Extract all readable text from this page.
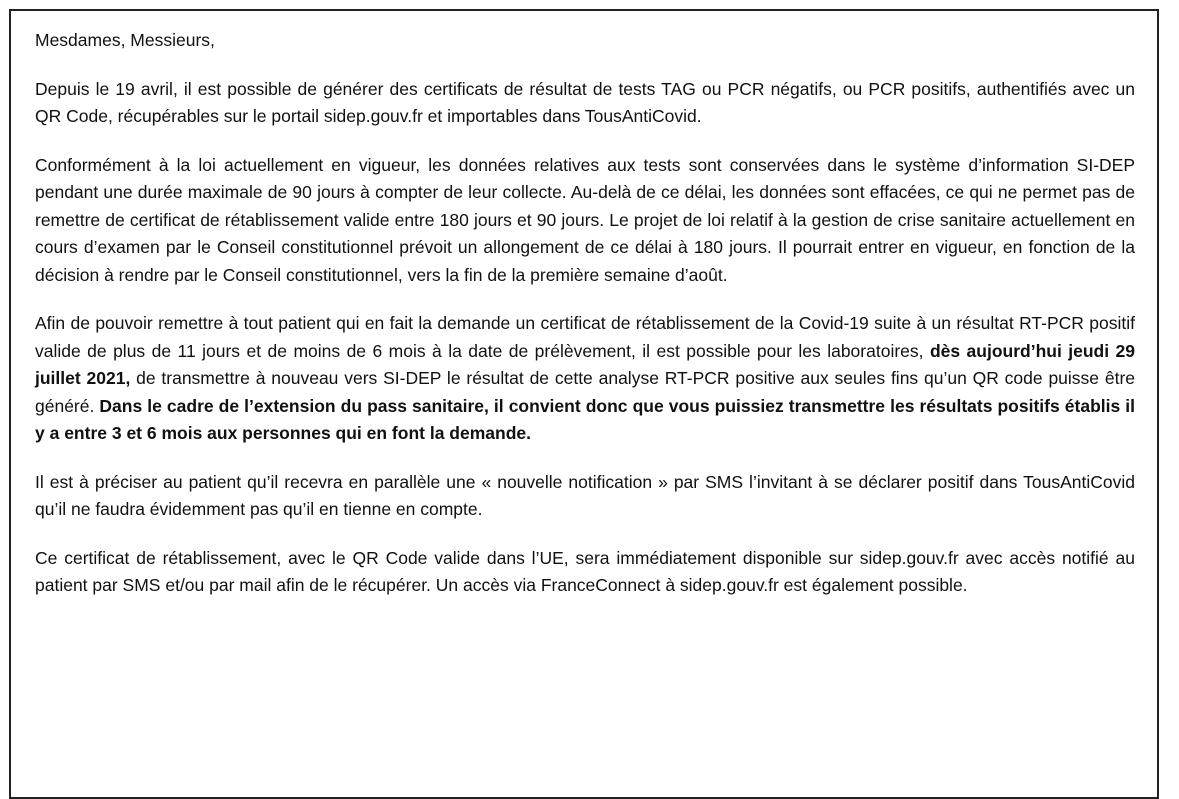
Mesdames, Messieurs,

Depuis le 19 avril, il est possible de générer des certificats de résultat de tests TAG ou PCR négatifs, ou PCR positifs, authentifiés avec un QR Code, récupérables sur le portail sidep.gouv.fr et importables dans TousAntiCovid.

Conformément à la loi actuellement en vigueur, les données relatives aux tests sont conservées dans le système d’information SI-DEP pendant une durée maximale de 90 jours à compter de leur collecte. Au-delà de ce délai, les données sont effacées, ce qui ne permet pas de remettre de certificat de rétablissement valide entre 180 jours et 90 jours. Le projet de loi relatif à la gestion de crise sanitaire actuellement en cours d’examen par le Conseil constitutionnel prévoit un allongement de ce délai à 180 jours. Il pourrait entrer en vigueur, en fonction de la décision à rendre par le Conseil constitutionnel, vers la fin de la première semaine d’août.

Afin de pouvoir remettre à tout patient qui en fait la demande un certificat de rétablissement de la Covid-19 suite à un résultat RT-PCR positif valide de plus de 11 jours et de moins de 6 mois à la date de prélèvement, il est possible pour les laboratoires, dès aujourd’hui jeudi 29 juillet 2021, de transmettre à nouveau vers SI-DEP le résultat de cette analyse RT-PCR positive aux seules fins qu’un QR code puisse être généré. Dans le cadre de l’extension du pass sanitaire, il convient donc que vous puissiez transmettre les résultats positifs établis il y a entre 3 et 6 mois aux personnes qui en font la demande.

Il est à préciser au patient qu’il recevra en parallèle une « nouvelle notification » par SMS l’invitant à se déclarer positif dans TousAntiCovid qu’il ne faudra évidemment pas qu’il en tienne en compte.

Ce certificat de rétablissement, avec le QR Code valide dans l’UE, sera immédiatement disponible sur sidep.gouv.fr avec accès notifié au patient par SMS et/ou par mail afin de le récupérer. Un accès via FranceConnect à sidep.gouv.fr est également possible.
